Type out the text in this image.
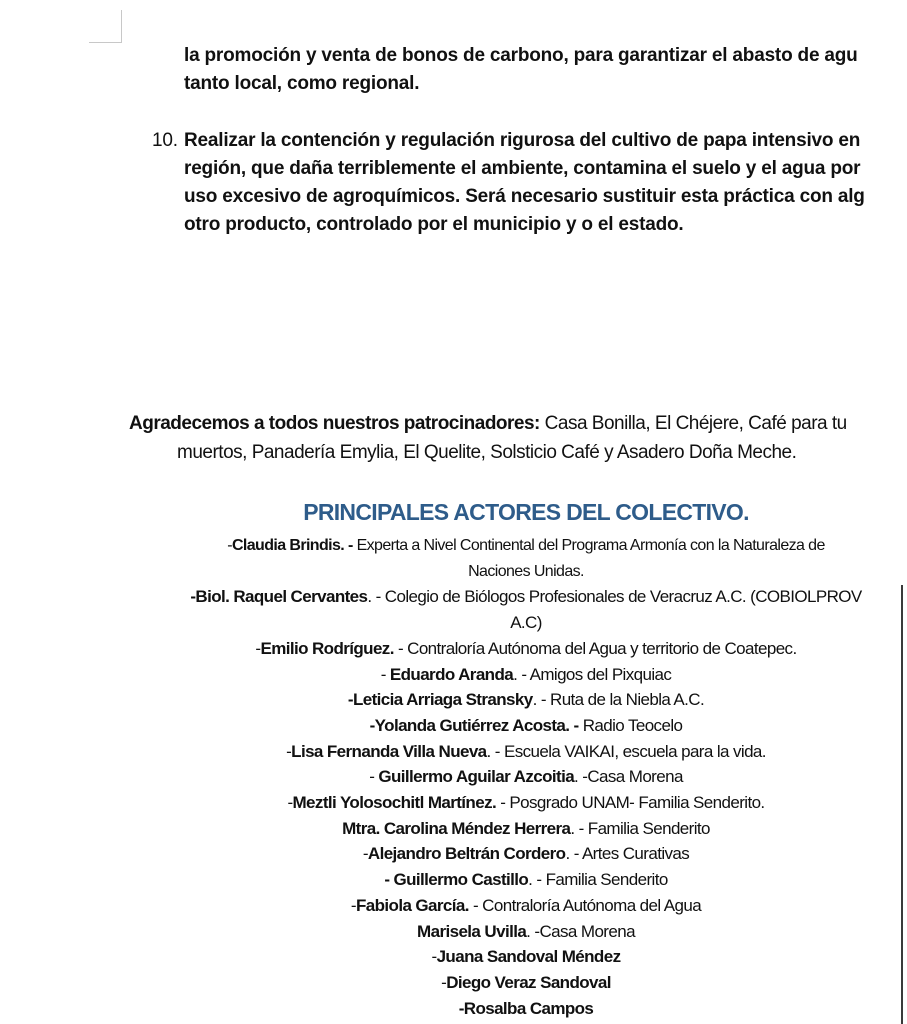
la promoción y venta de bonos de carbono, para garantizar el abasto de agu
tanto local, como regional.
10. Realizar la contención y regulación rigurosa del cultivo de papa intensivo en
región, que daña terriblemente el ambiente, contamina el suelo y el agua por
uso excesivo de agroquímicos. Será necesario sustituir esta práctica con alg
otro producto, controlado por el municipio y o el estado.
Agradecemos a todos nuestros patrocinadores: Casa Bonilla, El Chéjere, Café para tu
muertos, Panadería Emylia, El Quelite, Solsticio Café y Asadero Doña Meche.
PRINCIPALES ACTORES DEL COLECTIVO.
-Claudia Brindis. - Experta a Nivel Continental del Programa Armonía con la Naturaleza de
Naciones Unidas.
-Biol. Raquel Cervantes. - Colegio de Biólogos Profesionales de Veracruz A.C. (COBIOLPROV
A.C)
-Emilio Rodríguez. - Contraloría Autónoma del Agua y territorio de Coatepec.
- Eduardo Aranda. - Amigos del Pixquiac
-Leticia Arriaga Stransky. - Ruta de la Niebla A.C.
-Yolanda Gutiérrez Acosta. - Radio Teocelo
-Lisa Fernanda Villa Nueva. - Escuela VAIKAI, escuela para la vida.
- Guillermo Aguilar Azcoitia. -Casa Morena
-Meztli Yolosochitl Martínez. - Posgrado UNAM- Familia Senderito.
Mtra. Carolina Méndez Herrera. - Familia Senderito
-Alejandro Beltrán Cordero. - Artes Curativas
- Guillermo Castillo. - Familia Senderito
-Fabiola García. - Contraloría Autónoma del Agua
Marisela Uvilla. -Casa Morena
-Juana Sandoval Méndez
-Diego Veraz Sandoval
-Rosalba Campos
